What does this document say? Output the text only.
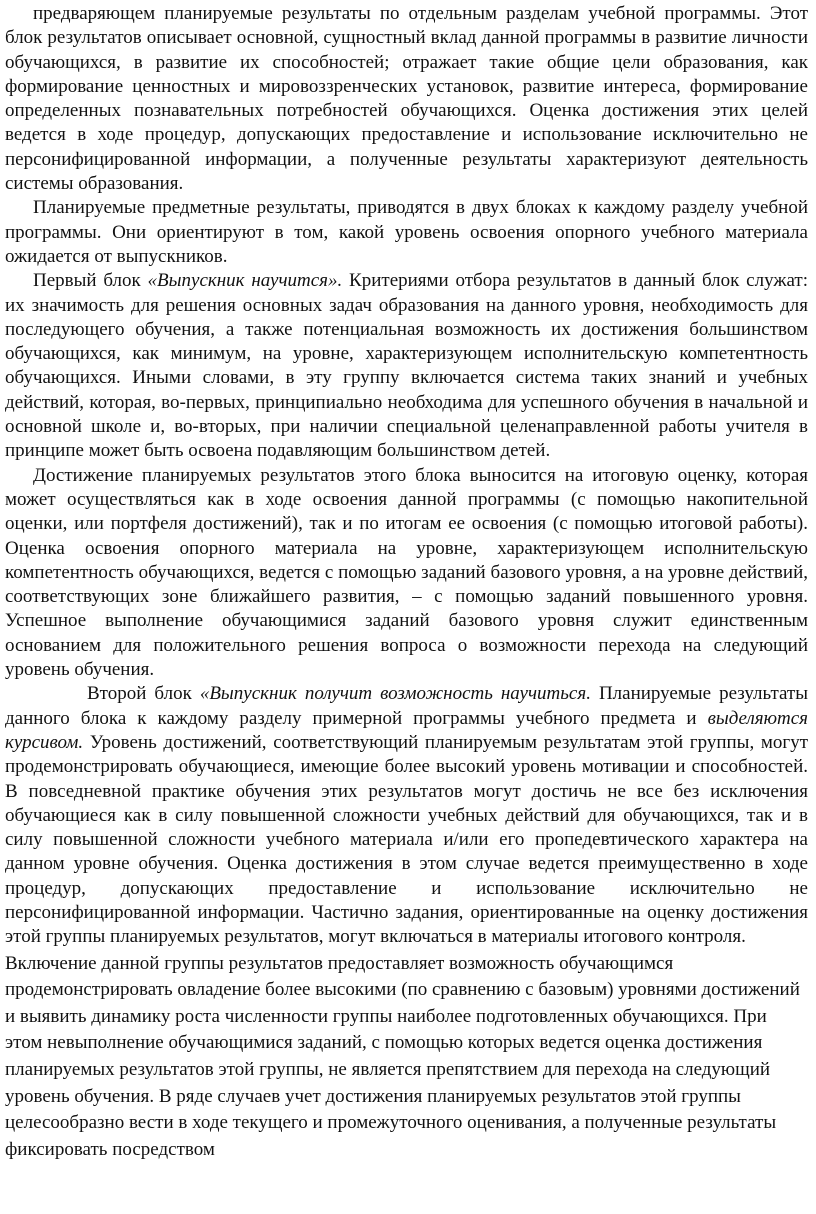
предваряющем планируемые результаты по отдельным разделам учебной программы. Этот блок результатов описывает основной, сущностный вклад данной программы в развитие личности обучающихся, в развитие их способностей; отражает такие общие цели образования, как формирование ценностных и мировоззренческих установок, развитие интереса, формирование определенных познавательных потребностей обучающихся. Оценка достижения этих целей ведется в ходе процедур, допускающих предоставление и использование исключительно не персонифицированной информации, а полученные результаты характеризуют деятельность системы образования.

Планируемые предметные результаты, приводятся в двух блоках к каждому разделу учебной программы. Они ориентируют в том, какой уровень освоения опорного учебного материала ожидается от выпускников.

Первый блок «Выпускник научится». Критериями отбора результатов в данный блок служат: их значимость для решения основных задач образования на данного уровня, необходимость для последующего обучения, а также потенциальная возможность их достижения большинством обучающихся, как минимум, на уровне, характеризующем исполнительскую компетентность обучающихся. Иными словами, в эту группу включается система таких знаний и учебных действий, которая, во-первых, принципиально необходима для успешного обучения в начальной и основной школе и, во-вторых, при наличии специальной целенаправленной работы учителя в принципе может быть освоена подавляющим большинством детей.

Достижение планируемых результатов этого блока выносится на итоговую оценку, которая может осуществляться как в ходе освоения данной программы (с помощью накопительной оценки, или портфеля достижений), так и по итогам ее освоения (с помощью итоговой работы). Оценка освоения опорного материала на уровне, характеризующем исполнительскую компетентность обучающихся, ведется с помощью заданий базового уровня, а на уровне действий, соответствующих зоне ближайшего развития, – с помощью заданий повышенного уровня. Успешное выполнение обучающимися заданий базового уровня служит единственным основанием для положительного решения вопроса о возможности перехода на следующий уровень обучения.

Второй блок «Выпускник получит возможность научиться. Планируемые результаты данного блока к каждому разделу примерной программы учебного предмета и выделяются курсивом. Уровень достижений, соответствующий планируемым результатам этой группы, могут продемонстрировать обучающиеся, имеющие более высокий уровень мотивации и способностей. В повседневной практике обучения этих результатов могут достичь не все без исключения обучающиеся как в силу повышенной сложности учебных действий для обучающихся, так и в силу повышенной сложности учебного материала и/или его пропедевтического характера на данном уровне обучения. Оценка достижения в этом случае ведется преимущественно в ходе процедур, допускающих предоставление и использование исключительно не персонифицированной информации. Частично задания, ориентированные на оценку достижения этой группы планируемых результатов, могут включаться в материалы итогового контроля.

Включение данной группы результатов предоставляет возможность обучающимся продемонстрировать овладение более высокими (по сравнению с базовым) уровнями достижений и выявить динамику роста численности группы наиболее подготовленных обучающихся. При этом невыполнение обучающимися заданий, с помощью которых ведется оценка достижения планируемых результатов этой группы, не является препятствием для перехода на следующий уровень обучения. В ряде случаев учет достижения планируемых результатов этой группы целесообразно вести в ходе текущего и промежуточного оценивания, а полученные результаты фиксировать посредством
